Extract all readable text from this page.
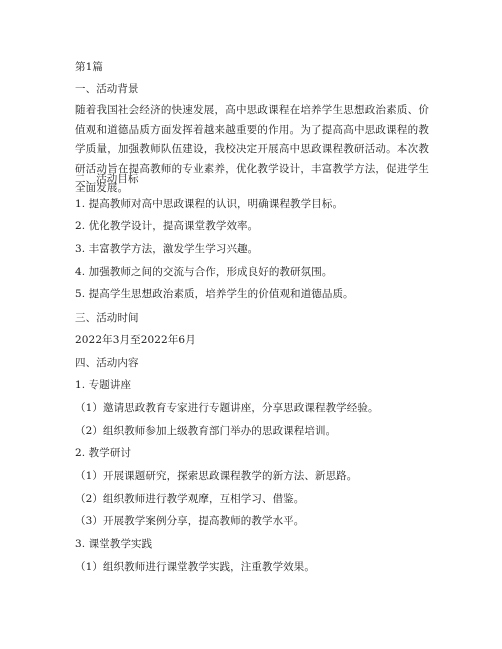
第1篇
一、活动背景
随着我国社会经济的快速发展，高中思政课程在培养学生思想政治素质、价值观和道德品质方面发挥着越来越重要的作用。为了提高高中思政课程的教学质量，加强教师队伍建设，我校决定开展高中思政课程教研活动。本次教研活动旨在提高教师的专业素养，优化教学设计，丰富教学方法，促进学生全面发展。
二、活动目标
1. 提高教师对高中思政课程的认识，明确课程教学目标。
2. 优化教学设计，提高课堂教学效率。
3. 丰富教学方法，激发学生学习兴趣。
4. 加强教师之间的交流与合作，形成良好的教研氛围。
5. 提高学生思想政治素质，培养学生的价值观和道德品质。
三、活动时间
2022年3月至2022年6月
四、活动内容
1. 专题讲座
（1）邀请思政教育专家进行专题讲座，分享思政课程教学经验。
（2）组织教师参加上级教育部门举办的思政课程培训。
2. 教学研讨
（1）开展课题研究，探索思政课程教学的新方法、新思路。
（2）组织教师进行教学观摩，互相学习、借鉴。
（3）开展教学案例分享，提高教师的教学水平。
3. 课堂教学实践
（1）组织教师进行课堂教学实践，注重教学效果。
